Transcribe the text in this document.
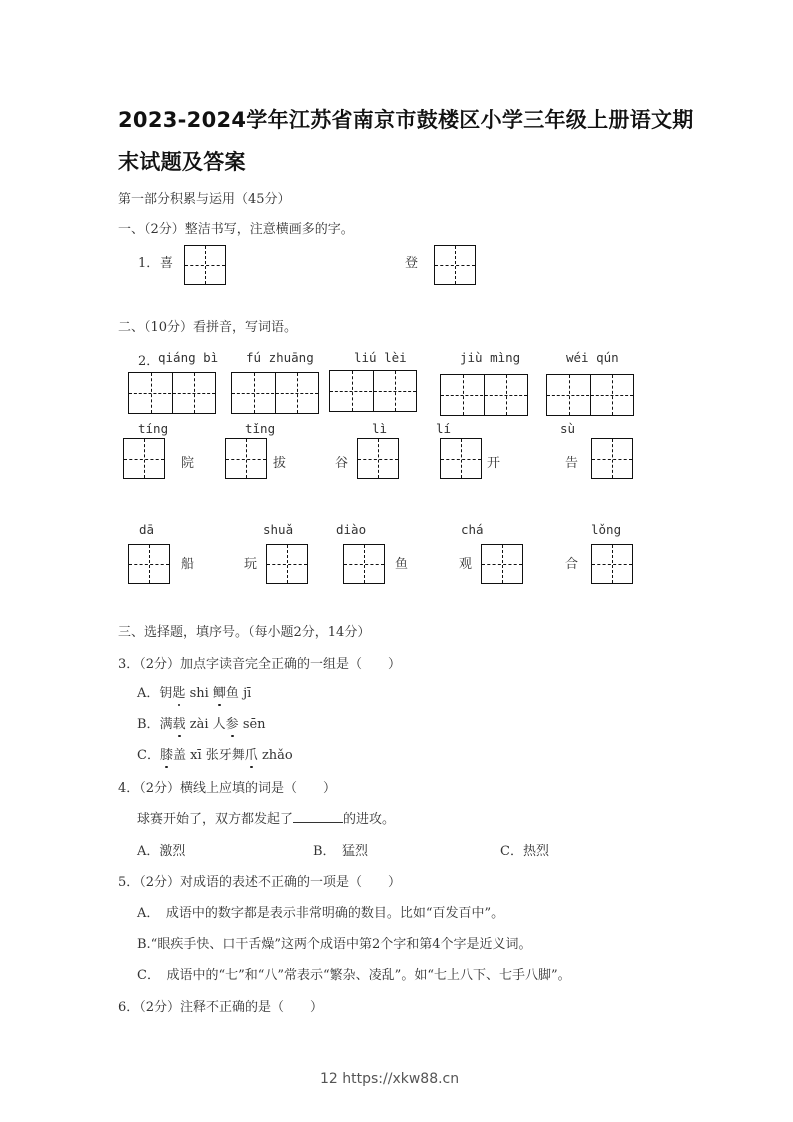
2023-2024学年江苏省南京市鼓楼区小学三年级上册语文期
末试题及答案
第一部分积累与运用（45分）
一、（2分）整洁书写，注意横画多的字。
1． 喜	登
二、（10分）看拼音，写词语。
2．
qiáng bì fú zhuāng	liú lèi	jiù mìng	wéi qún
tíng
院
tǐng
拔
lì
谷
lí
开
sù
告
dā
船
shuǎ
玩
diào
鱼
chá
观
lǒng
合
三、选择题，填序号。（每小题2分，14分）
3．（2分）加点字读音完全正确的一组是（　　）
A．钥匙 shi 鲫鱼 jī
B．满载 zài 人参 sēn
C．膝盖 xī 张牙舞爪 zhǎo
4．（2分）横线上应填的词是（　　）
球赛开始了，双方都发起了	的进攻。
A．激烈	B．　猛烈	C．热烈
5．（2分）对成语的表述不正确的一项是（　　）
A．　成语中的数字都是表示非常明确的数目。比如“百发百中”。
B.“眼疾手快、口干舌燥”这两个成语中第2个字和第4个字是近义词。
C．　成语中的“七”和“八”常表示“繁杂、凌乱”。如“七上八下、七手八脚”。
6．（2分）注释不正确的是（　　）
12 https://xkw88.cn
